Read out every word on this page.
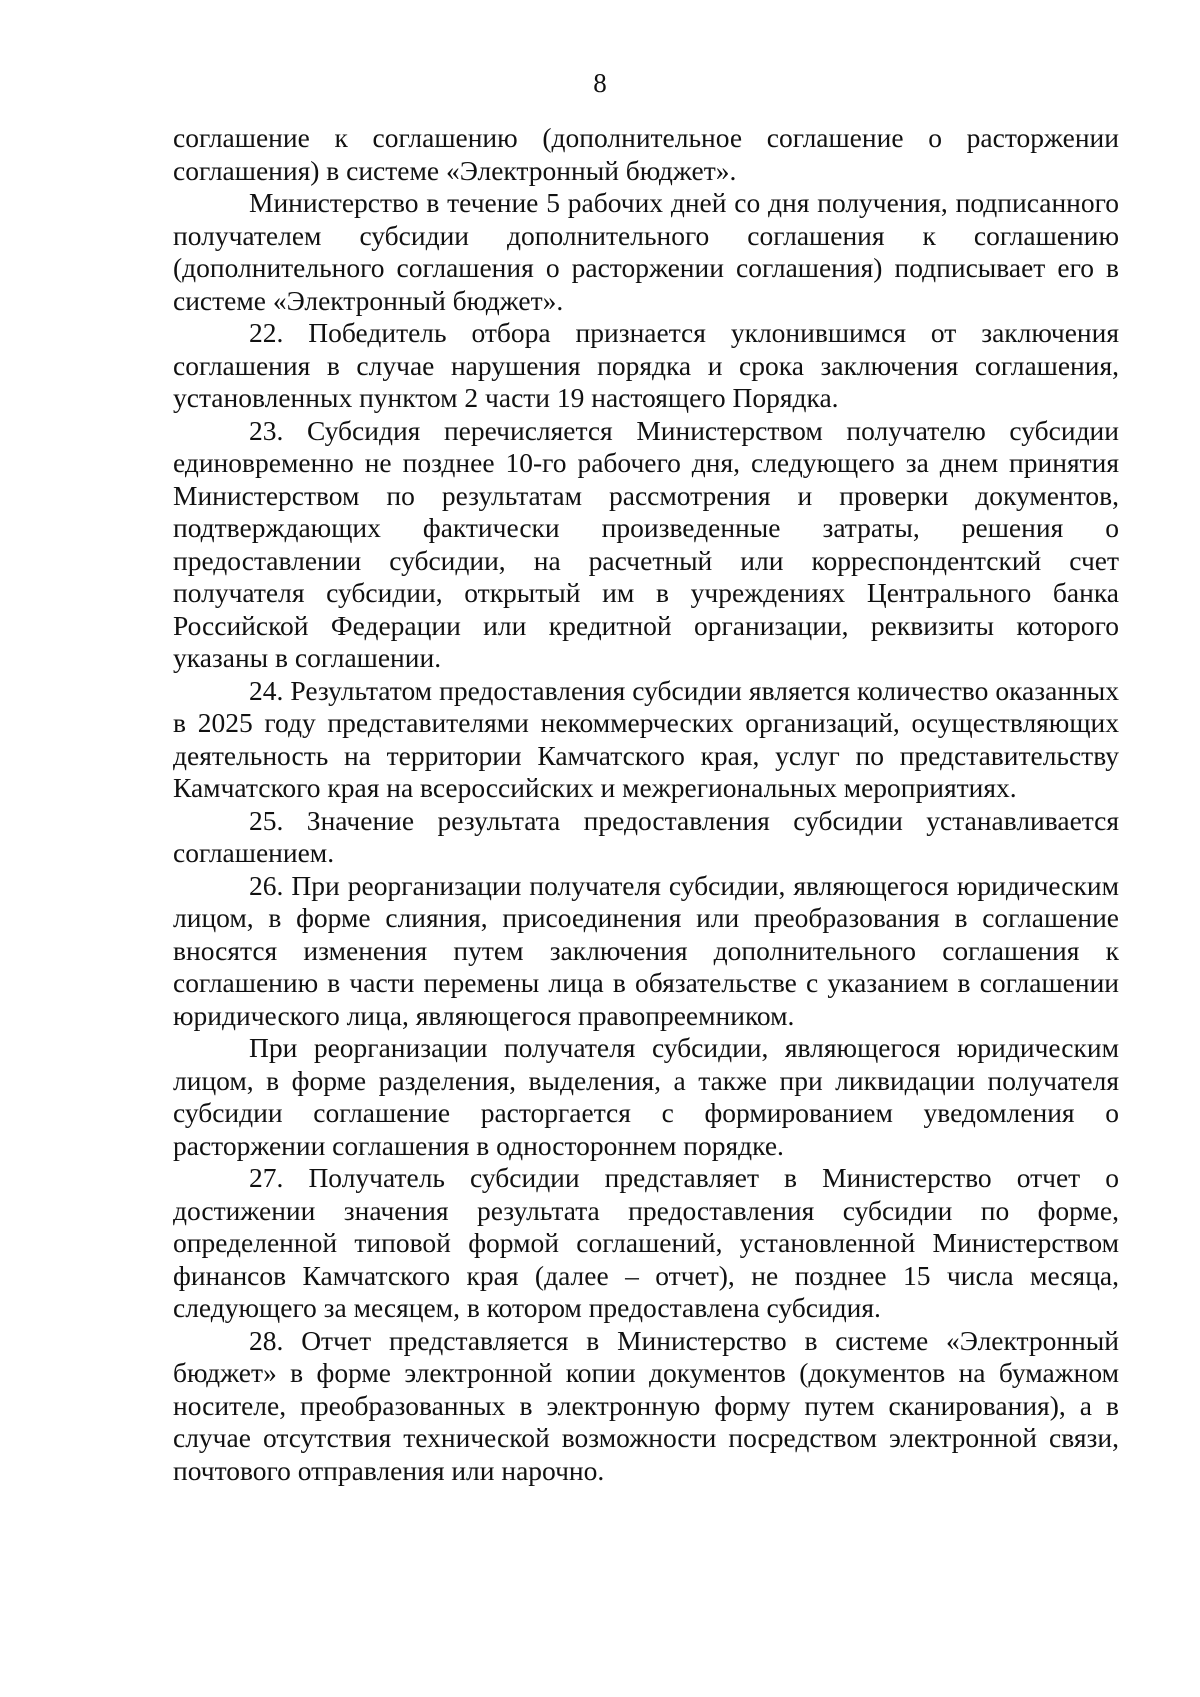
8

соглашение к соглашению (дополнительное соглашение о расторжении соглашения) в системе «Электронный бюджет».

Министерство в течение 5 рабочих дней со дня получения, подписанного получателем субсидии дополнительного соглашения к соглашению (дополнительного соглашения о расторжении соглашения) подписывает его в системе «Электронный бюджет».

22. Победитель отбора признается уклонившимся от заключения соглашения в случае нарушения порядка и срока заключения соглашения, установленных пунктом 2 части 19 настоящего Порядка.

23. Субсидия перечисляется Министерством получателю субсидии единовременно не позднее 10-го рабочего дня, следующего за днем принятия Министерством по результатам рассмотрения и проверки документов, подтверждающих фактически произведенные затраты, решения о предоставлении субсидии, на расчетный или корреспондентский счет получателя субсидии, открытый им в учреждениях Центрального банка Российской Федерации или кредитной организации, реквизиты которого указаны в соглашении.

24. Результатом предоставления субсидии является количество оказанных в 2025 году представителями некоммерческих организаций, осуществляющих деятельность на территории Камчатского края, услуг по представительству Камчатского края на всероссийских и межрегиональных мероприятиях.

25. Значение результата предоставления субсидии устанавливается соглашением.

26. При реорганизации получателя субсидии, являющегося юридическим лицом, в форме слияния, присоединения или преобразования в соглашение вносятся изменения путем заключения дополнительного соглашения к соглашению в части перемены лица в обязательстве с указанием в соглашении юридического лица, являющегося правопреемником.

При реорганизации получателя субсидии, являющегося юридическим лицом, в форме разделения, выделения, а также при ликвидации получателя субсидии соглашение расторгается с формированием уведомления о расторжении соглашения в одностороннем порядке.

27. Получатель субсидии представляет в Министерство отчет о достижении значения результата предоставления субсидии по форме, определенной типовой формой соглашений, установленной Министерством финансов Камчатского края (далее – отчет), не позднее 15 числа месяца, следующего за месяцем, в котором предоставлена субсидия.

28. Отчет представляется в Министерство в системе «Электронный бюджет» в форме электронной копии документов (документов на бумажном носителе, преобразованных в электронную форму путем сканирования), а в случае отсутствия технической возможности посредством электронной связи, почтового отправления или нарочно.
